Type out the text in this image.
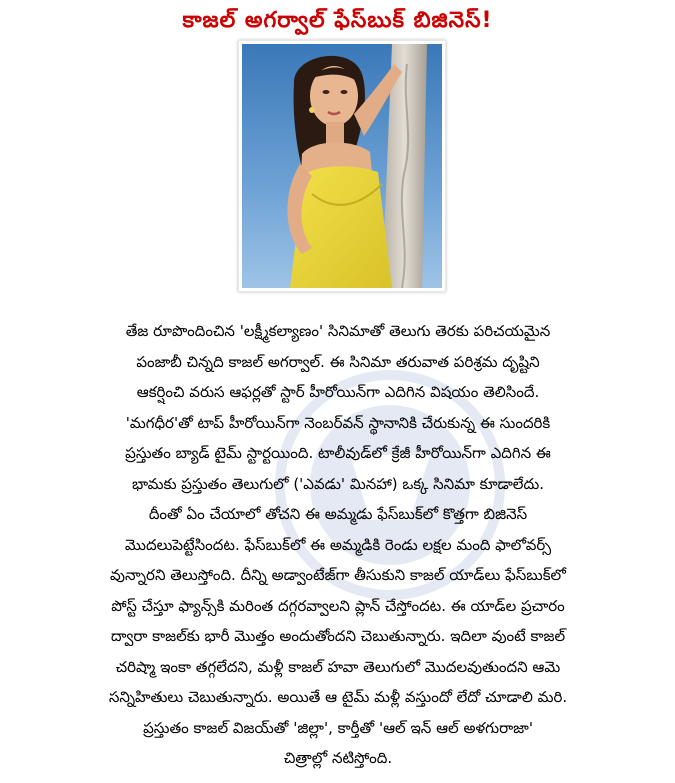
కాజల్ అగర్వాల్ ఫేస్‌బుక్ బిజినెస్!
తేజ రూపొందించిన 'లక్ష్మీకల్యాణం' సినిమాతో తెలుగు తెరకు పరిచయమైన
పంజాబీ చిన్నది కాజల్ అగర్వాల్. ఈ సినిమా తరువాత పరిశ్రమ దృష్టిని
ఆకర్షించి వరుస ఆఫర్లతో స్టార్ హీరోయిన్‌గా ఎదిగిన విషయం తెలిసిందే.
'మగధీర'తో టాప్ హీరోయిన్‌గా నెంబర్‌వన్ స్థానానికి చేరుకున్న ఈ సుందరికి
ప్రస్తుతం బ్యాడ్ టైమ్ స్టార్టయింది. టాలీవుడ్‌లో క్రేజీ హీరోయిన్‌గా ఎదిగిన ఈ
భామకు ప్రస్తుతం తెలుగులో ('ఎవడు' మినహా) ఒక్క సినిమా కూడాలేదు.
దీంతో ఏం చేయాలో తోచని ఈ అమ్మడు ఫేస్‌బుక్‌లో కొత్తగా బిజినెస్
మొదలుపెట్టేసిందట. ఫేస్‌బుక్‌లో ఈ అమ్మడికి రెండు లక్షల మంది ఫాలోవర్స్
వున్నారని తెలుస్తోంది. దీన్ని అడ్వాంటేజ్‌గా తీసుకుని కాజల్ యాడ్‌లు ఫేస్‌బుక్‌లో
పోస్ట్ చేస్తూ ఫ్యాన్స్‌కి మరింత దగ్గరవ్వాలని ప్లాన్ చేస్తోందట. ఈ యాడ్‌ల ప్రచారం
ద్వారా కాజల్‌కు భారీ మొత్తం అందుతోందని చెబుతున్నారు. ఇదిలా వుంటే కాజల్
చరిష్మా ఇంకా తగ్గలేదని, మళ్లీ కాజల్ హవా తెలుగులో మొదలవుతుందని ఆమె
సన్నిహితులు చెబుతున్నారు. అయితే ఆ టైమ్ మళ్లీ వస్తుందో లేదో చూడాలి మరి.
ప్రస్తుతం కాజల్ విజయ్‌తో 'జిల్లా', కార్తీతో 'ఆల్ ఇన్ ఆల్ అళగురాజా'
చిత్రాల్లో నటిస్తోంది.
